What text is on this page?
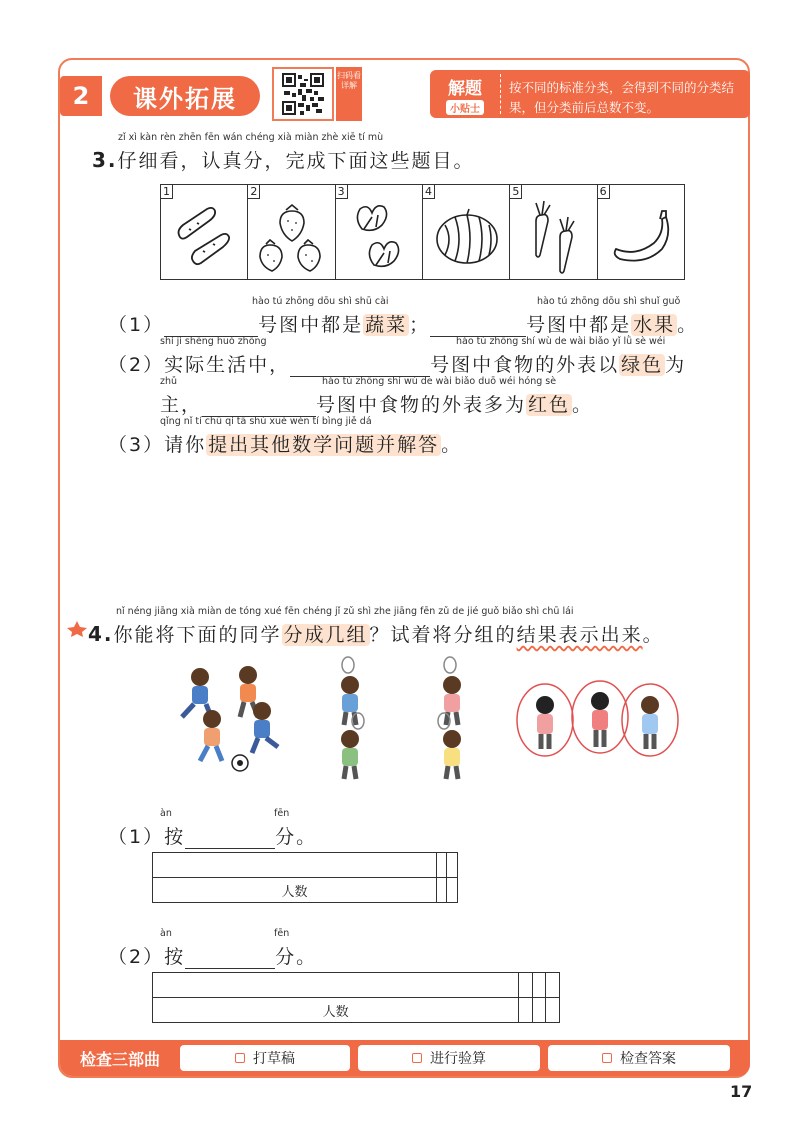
2	课外拓展
扫码看详解	解题
小贴士
按不同的标准分类，会得到不同的分类结果，但分类前后总数不变。
zǐ xì kàn rèn zhēn fēn wán chéng xià miàn zhè xiē tí mù
3.仔细看，认真分，完成下面这些题目。
1	2	3	4	5	6
hào tú zhōng dōu shì shū cài	hào tú zhōng dōu shì shuǐ guǒ
（1）	号图中都是 蔬菜 ；	号图中都是 水果 。
shí jì shēng huó zhōng	hào tú zhōng shí wù de wài biǎo yǐ lǜ sè wéi
（2）实际生活中，	号图中食物的外表以 绿色 为
zhǔ	hào tú zhōng shí wù de wài biǎo duō wéi hóng sè
主，	号图中食物的外表多为 红色 。
qǐng nǐ tí chū qí tā shù xué wèn tí bìng jiě dá
（3）请你 提出其他数学问题并解答 。
nǐ néng jiāng xià miàn de tóng xué fēn chéng jǐ zǔ shì zhe jiāng fēn zǔ de jié guǒ biǎo shì chū lái
4.你能将下面的同学 分成几组 ？试着将分组的结果表示出来。
àn	fēn
（1）按	分。

人数		
àn	fēn
（2）按	分。

人数			
检查三部曲	打草稿	进行验算	检查答案
17
